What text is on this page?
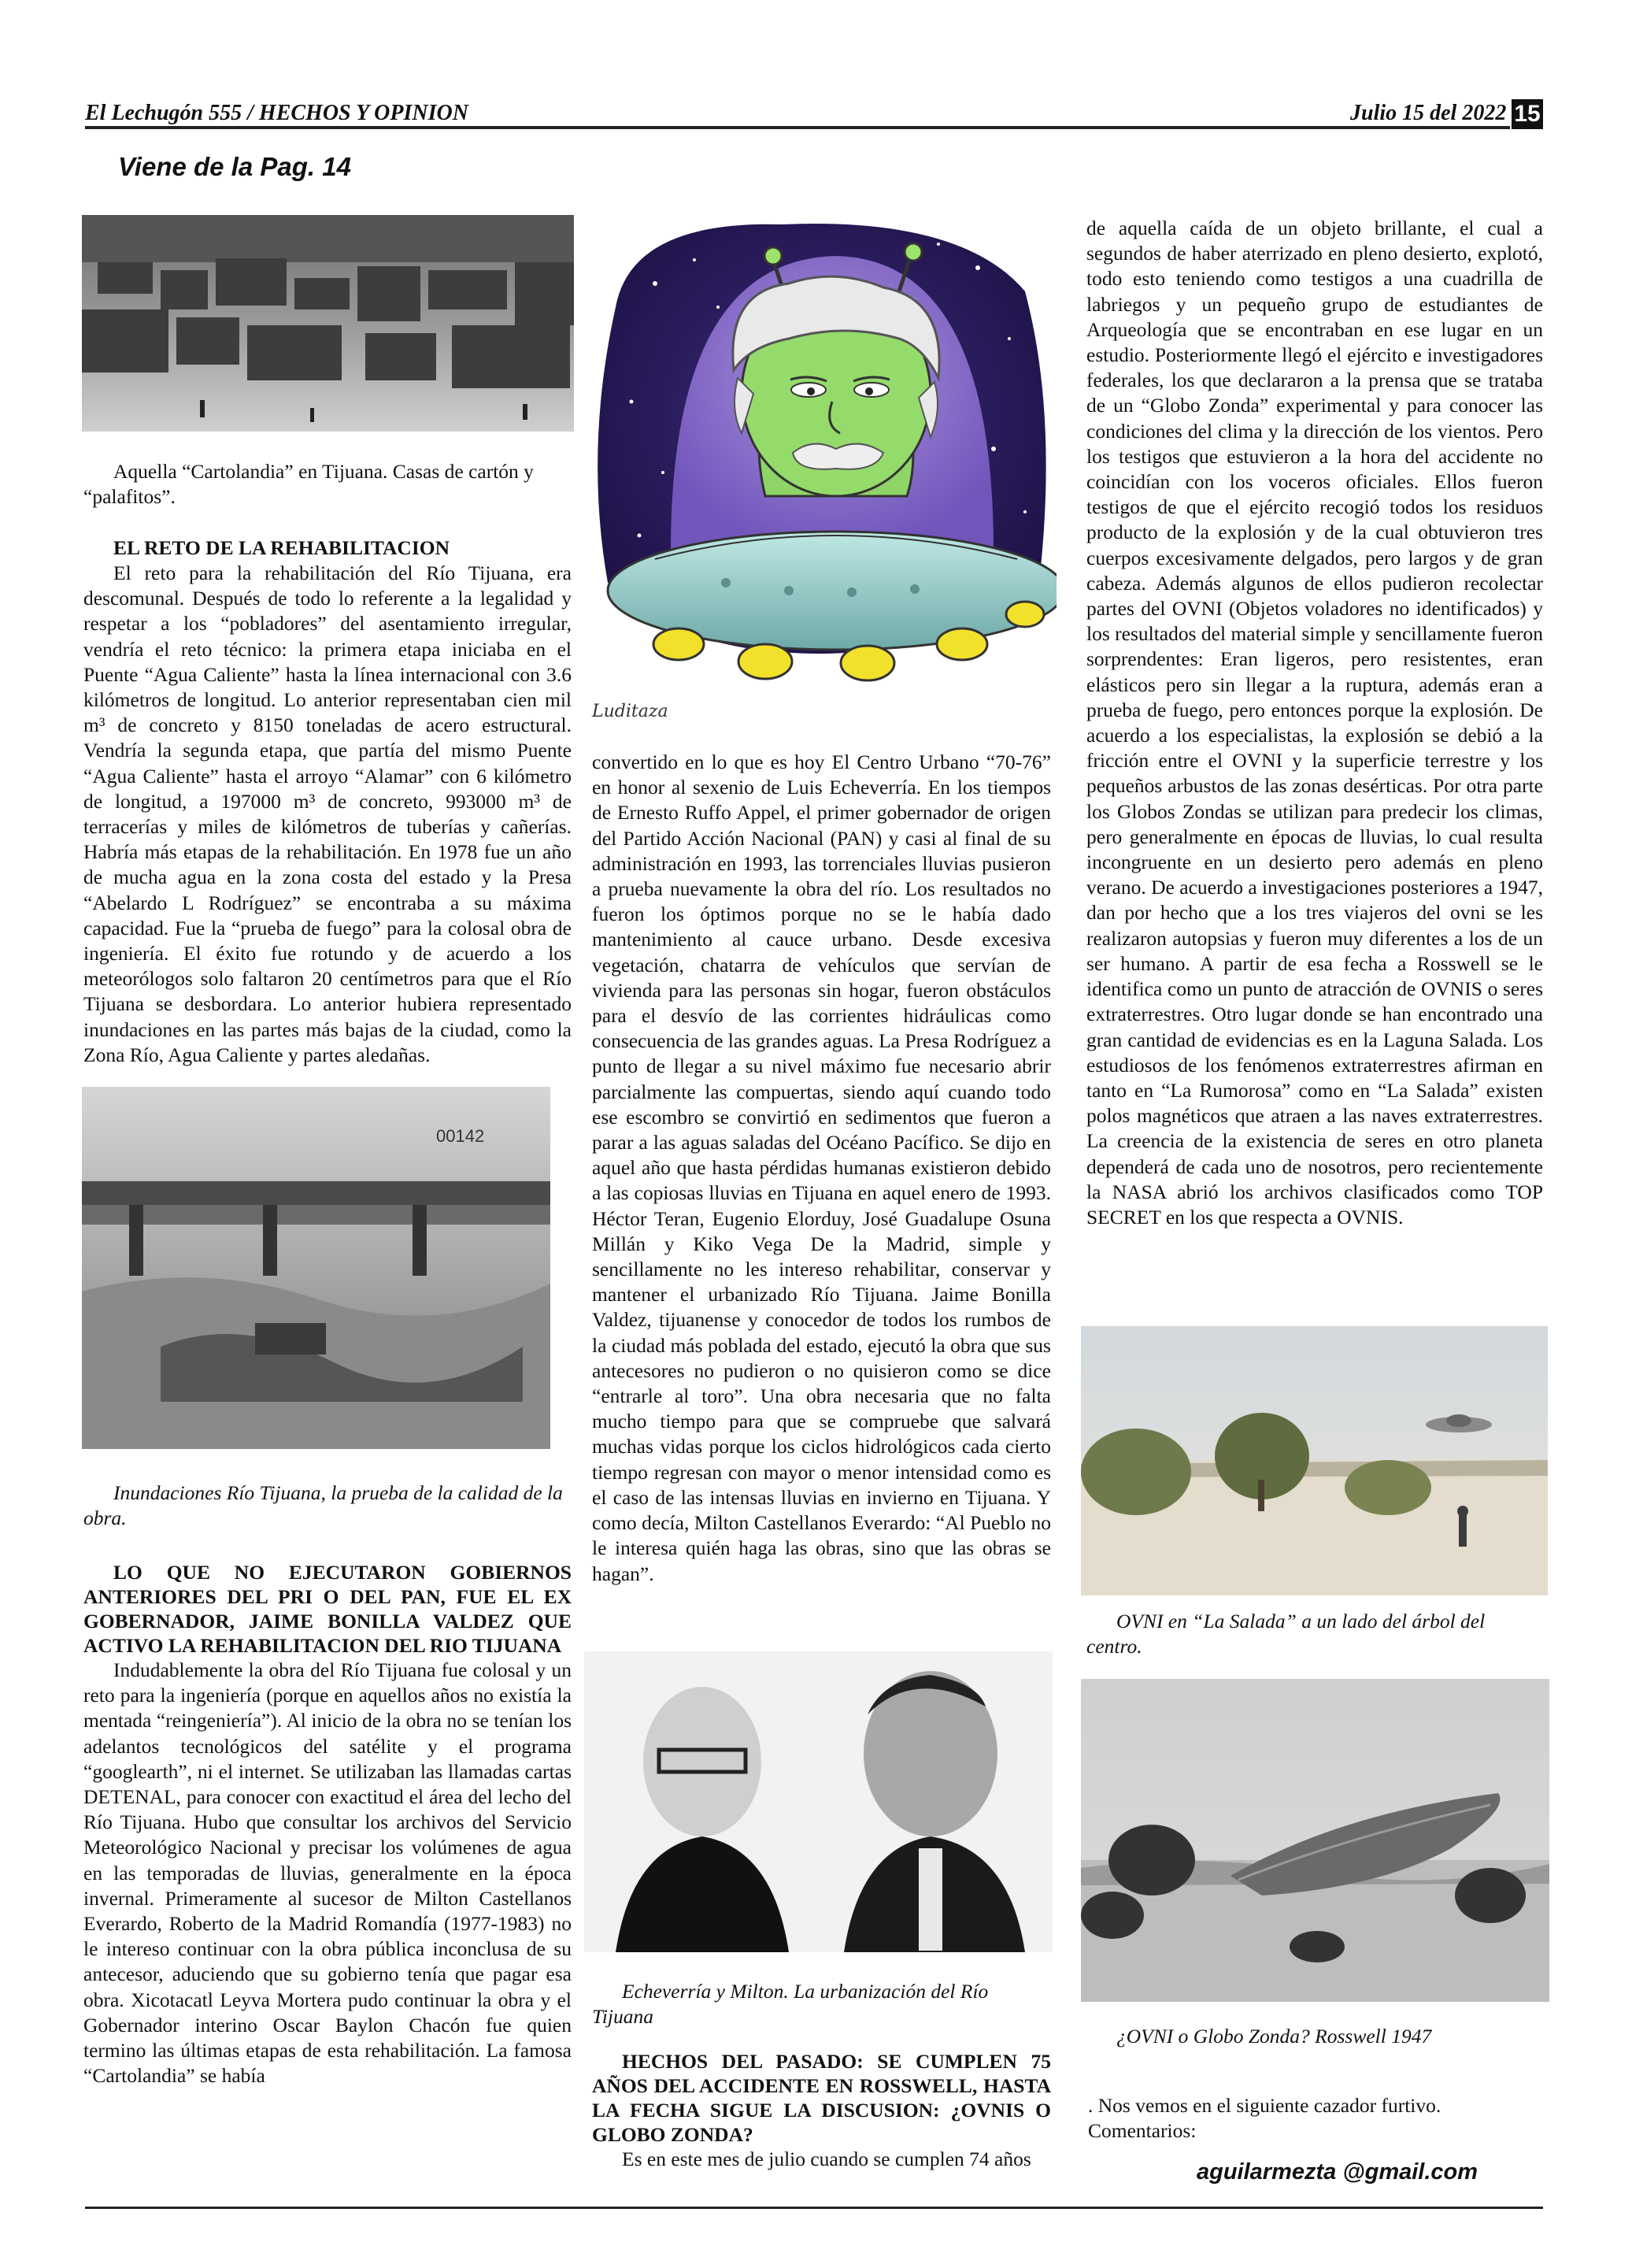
El Lechugón 555 / HECHOS Y OPINION	Julio 15 del 2022 15
Viene de la Pag. 14
Aquella “Cartolandia” en Tijuana. Casas de cartón y “palafitos”.

EL RETO DE LA REHABILITACION

El reto para la rehabilitación del Río Tijuana, era descomunal. Después de todo lo referente a la legalidad y respetar a los “pobladores” del asentamiento irregular, vendría el reto técnico: la primera etapa iniciaba en el Puente “Agua Caliente” hasta la línea internacional con 3.6 kilómetros de longitud. Lo anterior representaban cien mil m³ de concreto y 8150 toneladas de acero estructural. Vendría la segunda etapa, que partía del mismo Puente “Agua Caliente” hasta el arroyo “Alamar” con 6 kilómetro de longitud, a 197000 m³ de concreto, 993000 m³ de terracerías y miles de kilómetros de tuberías y cañerías. Habría más etapas de la rehabilitación. En 1978 fue un año de mucha agua en la zona costa del estado y la Presa “Abelardo L Rodríguez” se encontraba a su máxima capacidad. Fue la “prueba de fuego” para la colosal obra de ingeniería. El éxito fue rotundo y de acuerdo a los meteorólogos solo faltaron 20 centímetros para que el Río Tijuana se desbordara. Lo anterior hubiera representado inundaciones en las partes más bajas de la ciudad, como la Zona Río, Agua Caliente y partes aledañas.

00142
Inundaciones Río Tijuana, la prueba de la calidad de la obra.

LO QUE NO EJECUTARON GOBIERNOS ANTERIORES DEL PRI O DEL PAN, FUE EL EX GOBERNADOR, JAIME BONILLA VALDEZ QUE ACTIVO LA REHABILITACION DEL RIO TIJUANA

Indudablemente la obra del Río Tijuana fue colosal y un reto para la ingeniería (porque en aquellos años no existía la mentada “reingeniería”). Al inicio de la obra no se tenían los adelantos tecnológicos del satélite y el programa “googlearth”, ni el internet. Se utilizaban las llamadas cartas DETENAL, para conocer con exactitud el área del lecho del Río Tijuana. Hubo que consultar los archivos del Servicio Meteorológico Nacional y precisar los volúmenes de agua en las temporadas de lluvias, generalmente en la época invernal. Primeramente al sucesor de Milton Castellanos Everardo, Roberto de la Madrid Romandía (1977-1983) no le intereso continuar con la obra pública inconclusa de su antecesor, aduciendo que su gobierno tenía que pagar esa obra. Xicotacatl Leyva Mortera pudo continuar la obra y el Gobernador interino Oscar Baylon Chacón fue quien termino las últimas etapas de esta rehabilitación. La famosa “Cartolandia” se había

Luditaza

convertido en lo que es hoy El Centro Urbano “70-76” en honor al sexenio de Luis Echeverría. En los tiempos de Ernesto Ruffo Appel, el primer gobernador de origen del Partido Acción Nacional (PAN) y casi al final de su administración en 1993, las torrenciales lluvias pusieron a prueba nuevamente la obra del río. Los resultados no fueron los óptimos porque no se le había dado mantenimiento al cauce urbano. Desde excesiva vegetación, chatarra de vehículos que servían de vivienda para las personas sin hogar, fueron obstáculos para el desvío de las corrientes hidráulicas como consecuencia de las grandes aguas. La Presa Rodríguez a punto de llegar a su nivel máximo fue necesario abrir parcialmente las compuertas, siendo aquí cuando todo ese escombro se convirtió en sedimentos que fueron a parar a las aguas saladas del Océano Pacífico. Se dijo en aquel año que hasta pérdidas humanas existieron debido a las copiosas lluvias en Tijuana en aquel enero de 1993. Héctor Teran, Eugenio Elorduy, José Guadalupe Osuna Millán y Kiko Vega De la Madrid, simple y sencillamente no les intereso rehabilitar, conservar y mantener el urbanizado Río Tijuana. Jaime Bonilla Valdez, tijuanense y conocedor de todos los rumbos de la ciudad más poblada del estado, ejecutó la obra que sus antecesores no pudieron o no quisieron como se dice “entrarle al toro”. Una obra necesaria que no falta mucho tiempo para que se compruebe que salvará muchas vidas porque los ciclos hidrológicos cada cierto tiempo regresan con mayor o menor intensidad como es el caso de las intensas lluvias en invierno en Tijuana. Y como decía, Milton Castellanos Everardo: “Al Pueblo no le interesa quién haga las obras, sino que las obras se hagan”.

Echeverría y Milton. La urbanización del Río Tijuana

HECHOS DEL PASADO: SE CUMPLEN 75 AÑOS DEL ACCIDENTE EN ROSSWELL, HASTA LA FECHA SIGUE LA DISCUSION: ¿OVNIS O GLOBO ZONDA?

Es en este mes de julio cuando se cumplen 74 años

de aquella caída de un objeto brillante, el cual a segundos de haber aterrizado en pleno desierto, explotó, todo esto teniendo como testigos a una cuadrilla de labriegos y un pequeño grupo de estudiantes de Arqueología que se encontraban en ese lugar en un estudio. Posteriormente llegó el ejército e investigadores federales, los que declararon a la prensa que se trataba de un “Globo Zonda” experimental y para conocer las condiciones del clima y la dirección de los vientos. Pero los testigos que estuvieron a la hora del accidente no coincidían con los voceros oficiales. Ellos fueron testigos de que el ejército recogió todos los residuos producto de la explosión y de la cual obtuvieron tres cuerpos excesivamente delgados, pero largos y de gran cabeza. Además algunos de ellos pudieron recolectar partes del OVNI (Objetos voladores no identificados) y los resultados del material simple y sencillamente fueron sorprendentes: Eran ligeros, pero resistentes, eran elásticos pero sin llegar a la ruptura, además eran a prueba de fuego, pero entonces porque la explosión. De acuerdo a los especialistas, la explosión se debió a la fricción entre el OVNI y la superficie terrestre y los pequeños arbustos de las zonas desérticas. Por otra parte los Globos Zondas se utilizan para predecir los climas, pero generalmente en épocas de lluvias, lo cual resulta incongruente en un desierto pero además en pleno verano. De acuerdo a investigaciones posteriores a 1947, dan por hecho que a los tres viajeros del ovni se les realizaron autopsias y fueron muy diferentes a los de un ser humano. A partir de esa fecha a Rosswell se le identifica como un punto de atracción de OVNIS o seres extraterrestres. Otro lugar donde se han encontrado una gran cantidad de evidencias es en la Laguna Salada. Los estudiosos de los fenómenos extraterrestres afirman en tanto en “La Rumorosa” como en “La Salada” existen polos magnéticos que atraen a las naves extraterrestres. La creencia de la existencia de seres en otro planeta dependerá de cada uno de nosotros, pero recientemente la NASA abrió los archivos clasificados como TOP SECRET en los que respecta a OVNIS.

OVNI en “La Salada” a un lado del árbol del centro.
¿OVNI o Globo Zonda? Rosswell 1947

. Nos vemos en el siguiente cazador furtivo.

Comentarios:

aguilarmezta @gmail.com
